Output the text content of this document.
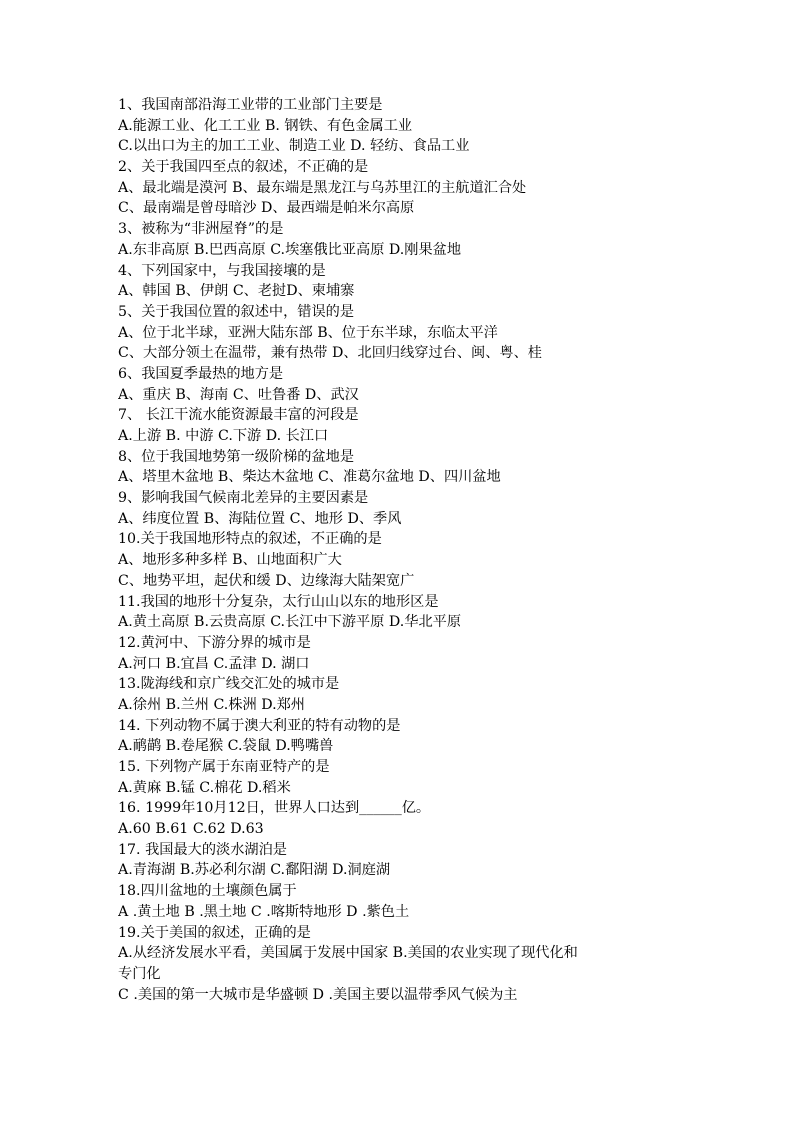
1、我国南部沿海工业带的工业部门主要是
A.能源工业、化工工业 B. 钢铁、有色金属工业
C.以出口为主的加工工业、制造工业 D. 轻纺、食品工业
2、关于我国四至点的叙述，不正确的是
A、最北端是漠河 B、最东端是黑龙江与乌苏里江的主航道汇合处
C、最南端是曾母暗沙 D、最西端是帕米尔高原
3、被称为“非洲屋脊”的是
A.东非高原 B.巴西高原 C.埃塞俄比亚高原 D.刚果盆地
4、下列国家中，与我国接壤的是
A、韩国 B、伊朗 C、老挝D、柬埔寨
5、关于我国位置的叙述中，错误的是
A、位于北半球，亚洲大陆东部 B、位于东半球，东临太平洋
C、大部分领土在温带，兼有热带 D、北回归线穿过台、闽、粤、桂
6、我国夏季最热的地方是
A、重庆 B、海南 C、吐鲁番 D、武汉
7、 长江干流水能资源最丰富的河段是
A.上游 B. 中游 C.下游 D. 长江口
8、位于我国地势第一级阶梯的盆地是
A、塔里木盆地 B、柴达木盆地 C、准葛尔盆地 D、四川盆地
9、影响我国气候南北差异的主要因素是
A、纬度位置 B、海陆位置 C、地形 D、季风
10.关于我国地形特点的叙述，不正确的是
A、地形多种多样 B、山地面积广大
C、地势平坦，起伏和缓 D、边缘海大陆架宽广
11.我国的地形十分复杂，太行山山以东的地形区是
A.黄土高原 B.云贵高原 C.长江中下游平原 D.华北平原
12.黄河中、下游分界的城市是
A.河口 B.宜昌 C.孟津 D. 湖口
13.陇海线和京广线交汇处的城市是
A.徐州 B.兰州 C.株洲 D.郑州
14. 下列动物不属于澳大利亚的特有动物的是
A.鸸鹋 B.卷尾猴 C.袋鼠 D.鸭嘴兽
15. 下列物产属于东南亚特产的是
A.黄麻 B.锰 C.棉花 D.稻米
16. 1999年10月12日，世界人口达到______亿。
A.60 B.61 C.62 D.63
17. 我国最大的淡水湖泊是
A.青海湖 B.苏必利尔湖 C.鄱阳湖 D.洞庭湖
18.四川盆地的土壤颜色属于
A .黄土地 B .黑土地 C .喀斯特地形 D .紫色土
19.关于美国的叙述，正确的是
A.从经济发展水平看，美国属于发展中国家 B.美国的农业实现了现代化和
专门化
C .美国的第一大城市是华盛顿 D .美国主要以温带季风气候为主
